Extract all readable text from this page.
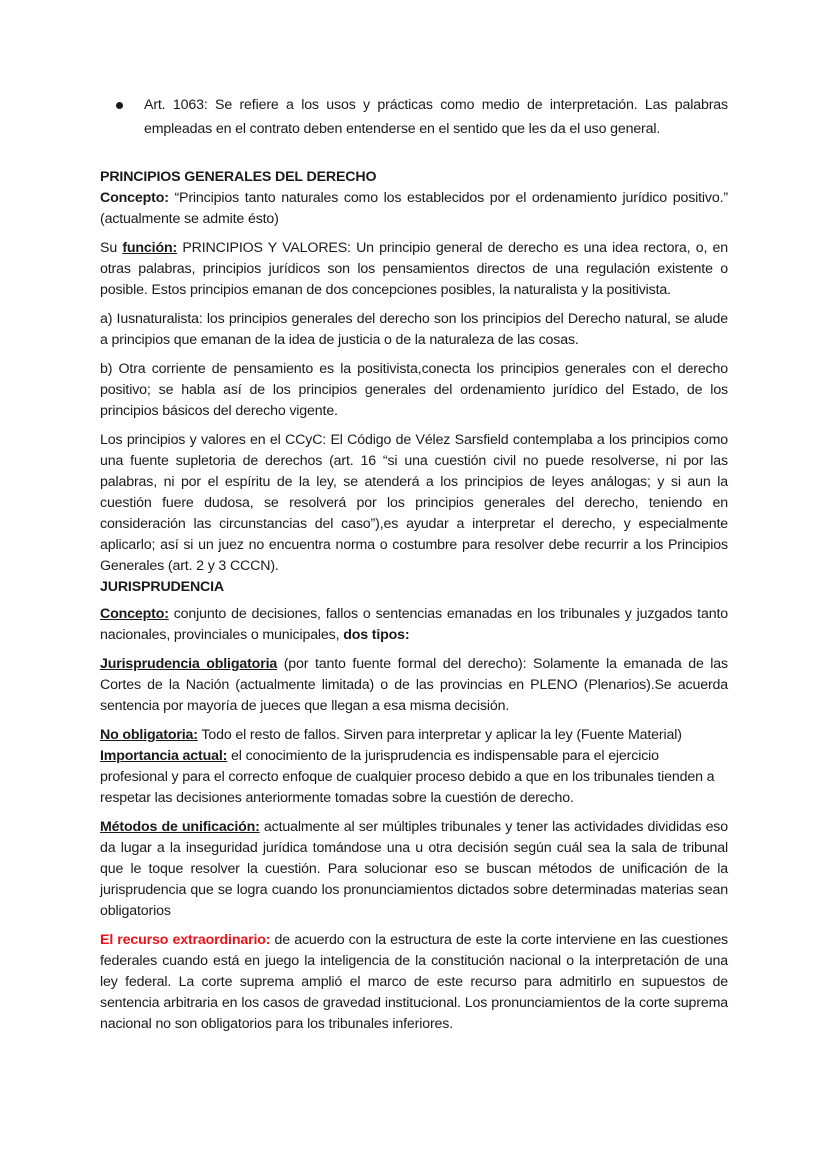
Art. 1063: Se refiere a los usos y prácticas como medio de interpretación. Las palabras empleadas en el contrato deben entenderse en el sentido que les da el uso general.
PRINCIPIOS GENERALES DEL DERECHO
Concepto: “Principios tanto naturales como los establecidos por el ordenamiento jurídico positivo.” (actualmente se admite ésto)
Su función: PRINCIPIOS Y VALORES: Un principio general de derecho es una idea rectora, o, en otras palabras, principios jurídicos son los pensamientos directos de una regulación existente o posible. Estos principios emanan de dos concepciones posibles, la naturalista y la positivista.
a) Iusnaturalista: los principios generales del derecho son los principios del Derecho natural, se alude a principios que emanan de la idea de justicia o de la naturaleza de las cosas.
b) Otra corriente de pensamiento es la positivista,conecta los principios generales con el derecho positivo; se habla así de los principios generales del ordenamiento jurídico del Estado, de los principios básicos del derecho vigente.
Los principios y valores en el CCyC: El Código de Vélez Sarsfield contemplaba a los principios como una fuente supletoria de derechos (art. 16 “si una cuestión civil no puede resolverse, ni por las palabras, ni por el espíritu de la ley, se atenderá a los principios de leyes análogas; y si aun la cuestión fuere dudosa, se resolverá por los principios generales del derecho, teniendo en consideración las circunstancias del caso”),es ayudar a interpretar el derecho, y especialmente aplicarlo; así si un juez no encuentra norma o costumbre para resolver debe recurrir a los Principios Generales (art. 2 y 3 CCCN).
JURISPRUDENCIA
Concepto: conjunto de decisiones, fallos o sentencias emanadas en los tribunales y juzgados tanto nacionales, provinciales o municipales, dos tipos:
Jurisprudencia obligatoria (por tanto fuente formal del derecho): Solamente la emanada de las Cortes de la Nación (actualmente limitada) o de las provincias en PLENO (Plenarios).Se acuerda sentencia por mayoría de jueces que llegan a esa misma decisión.
No obligatoria: Todo el resto de fallos. Sirven para interpretar y aplicar la ley (Fuente Material)
Importancia actual: el conocimiento de la jurisprudencia es indispensable para el ejercicio profesional y para el correcto enfoque de cualquier proceso debido a que en los tribunales tienden a respetar las decisiones anteriormente tomadas sobre la cuestión de derecho.
Métodos de unificación: actualmente al ser múltiples tribunales y tener las actividades divididas eso da lugar a la inseguridad jurídica tomándose una u otra decisión según cuál sea la sala de tribunal que le toque resolver la cuestión. Para solucionar eso se buscan métodos de unificación de la jurisprudencia que se logra cuando los pronunciamientos dictados sobre determinadas materias sean obligatorios
El recurso extraordinario: de acuerdo con la estructura de este la corte interviene en las cuestiones federales cuando está en juego la inteligencia de la constitución nacional o la interpretación de una ley federal. La corte suprema amplió el marco de este recurso para admitirlo en supuestos de sentencia arbitraria en los casos de gravedad institucional. Los pronunciamientos de la corte suprema nacional no son obligatorios para los tribunales inferiores.
